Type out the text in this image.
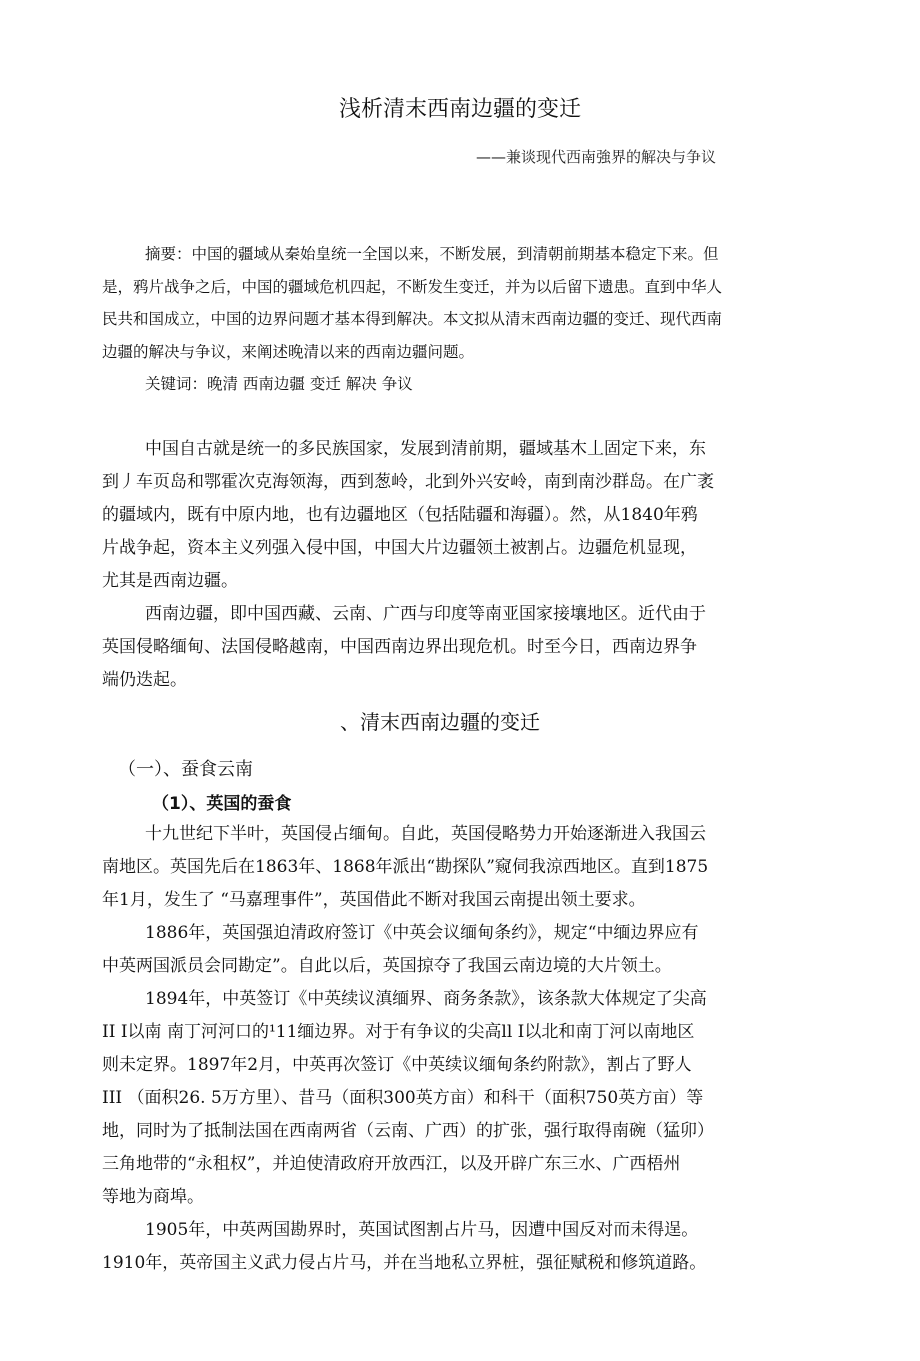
浅析清末西南边疆的变迁
——兼谈现代西南強界的解决与争议
摘要：中国的疆域从秦始皇统一全国以来，不断发展，到清朝前期基本稳定下来。但
是，鸦片战争之后，中国的疆域危机四起，不断发生变迁，并为以后留下遗患。直到中华人
民共和国成立，中国的边界问题才基本得到解决。本文拟从清末西南边疆的变迁、现代西南
边疆的解决与争议，来阐述晚清以来的西南边疆问题。
关键词：晚清 西南边疆 变迁 解决 争议
中国自古就是统一的多民族国家，发展到清前期，疆域基木丄固定下来，东
到丿车页岛和鄂霍次克海领海，西到葱岭，北到外兴安岭，南到南沙群岛。在广袤
的疆域内，既有中原内地，也有边疆地区（包括陆疆和海疆）。然，从1840年鸦
片战争起，资本主义列强入侵中国，中国大片边疆领土被割占。边疆危机显现，
尤其是西南边疆。
西南边疆，即中国西藏、云南、广西与印度等南亚国家接壤地区。近代由于
英国侵略缅甸、法国侵略越南，中国西南边界出现危机。时至今日，西南边界争
端仍迭起。
、清末西南边疆的变迁
（一）、蚕食云南
（1）、英国的蚕食
十九世纪下半叶，英国侵占缅甸。自此，英国侵略势力开始逐渐进入我国云
南地区。英国先后在1863年、1868年派出“勘探队”窥伺我涼西地区。直到1875
年1月，发生了 “马嘉理事件”，英国借此不断对我国云南提出领土要求。
1886年，英国强迫清政府签订《中英会议缅甸条约》，规定“中缅边界应有
中英两国派员会同勘定”。自此以后，英国掠夺了我国云南边境的大片领土。
1894年，中英签订《中英续议滇缅界、商务条款》，该条款大体规定了尖高
II I以南 南丁河河口的¹11缅边界。对于有争议的尖高ll I以北和南丁河以南地区
则未定界。1897年2月，中英再次签订《中英续议缅甸条约附款》，割占了野人
III （面积26. 5万方里）、昔马（面积300英方亩）和科干（面积750英方亩）等
地，同时为了抵制法国在西南两省（云南、广西）的扩张，强行取得南碗（猛卯）
三角地带的“永租权”，并迫使清政府开放西江，以及开辟广东三水、广西梧州
等地为商埠。
1905年，中英两国勘界时，英国试图割占片马，因遭中国反对而未得逞。
1910年，英帝国主义武力侵占片马，并在当地私立界桩，强征赋税和修筑道路。
